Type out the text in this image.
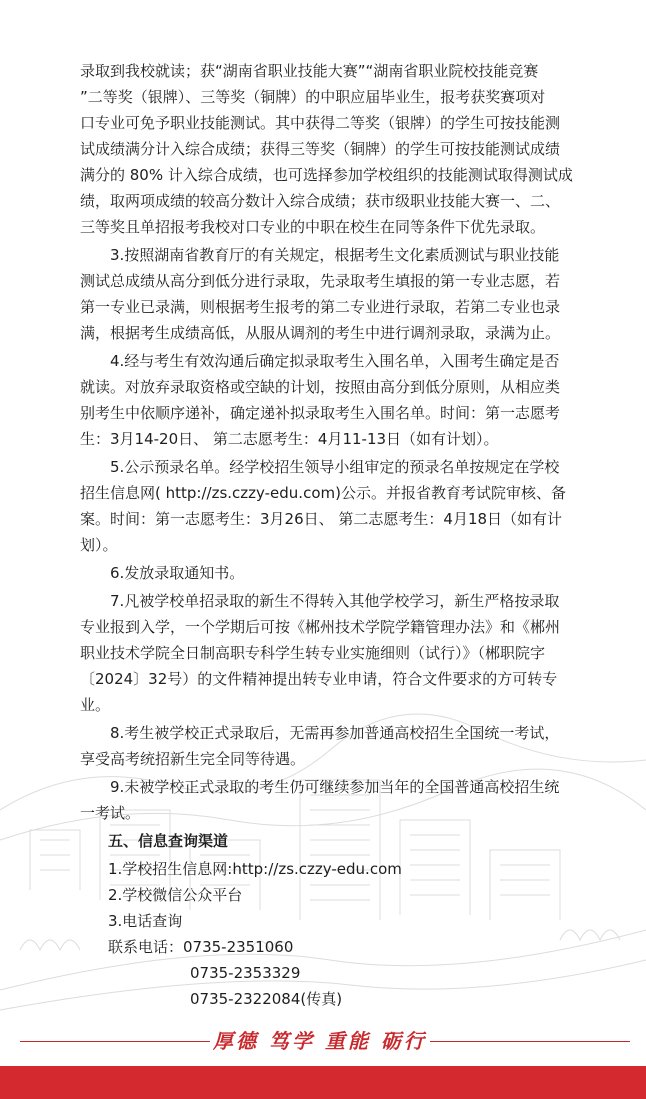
录取到我校就读；获“湖南省职业技能大赛”“湖南省职业院校技能竞赛
”二等奖（银牌）、三等奖（铜牌）的中职应届毕业生，报考获奖赛项对
口专业可免予职业技能测试。其中获得二等奖（银牌）的学生可按技能测
试成绩满分计入综合成绩；获得三等奖（铜牌）的学生可按技能测试成绩
满分的 80% 计入综合成绩，也可选择参加学校组织的技能测试取得测试成
绩，取两项成绩的较高分数计入综合成绩；获市级职业技能大赛一、二、
三等奖且单招报考我校对口专业的中职在校生在同等条件下优先录取。
3.按照湖南省教育厅的有关规定，根据考生文化素质测试与职业技能
测试总成绩从高分到低分进行录取，先录取考生填报的第一专业志愿，若
第一专业已录满，则根据考生报考的第二专业进行录取，若第二专业也录
满，根据考生成绩高低，从服从调剂的考生中进行调剂录取，录满为止。
4.经与考生有效沟通后确定拟录取考生入围名单，入围考生确定是否
就读。对放弃录取资格或空缺的计划，按照由高分到低分原则，从相应类
别考生中依顺序递补，确定递补拟录取考生入围名单。时间：第一志愿考
生：3月14-20日、 第二志愿考生：4月11-13日（如有计划）。
5.公示预录名单。经学校招生领导小组审定的预录名单按规定在学校
招生信息网( http://zs.czzy-edu.com)公示。并报省教育考试院审核、备
案。时间：第一志愿考生：3月26日、 第二志愿考生：4月18日（如有计
划）。
6.发放录取通知书。
7.凡被学校单招录取的新生不得转入其他学校学习，新生严格按录取
专业报到入学，一个学期后可按《郴州技术学院学籍管理办法》和《郴州
职业技术学院全日制高职专科学生转专业实施细则（试行）》（郴职院字
〔2024〕32号）的文件精神提出转专业申请，符合文件要求的方可转专
业。
8.考生被学校正式录取后，无需再参加普通高校招生全国统一考试，
享受高考统招新生完全同等待遇。
9.未被学校正式录取的考生仍可继续参加当年的全国普通高校招生统
一考试。
五、信息查询渠道
1.学校招生信息网:http://zs.czzy-edu.com
2.学校微信公众平台
3.电话查询
联系电话：0735-2351060
0735-2353329
0735-2322084(传真)
厚德 笃学 重能 砺行
